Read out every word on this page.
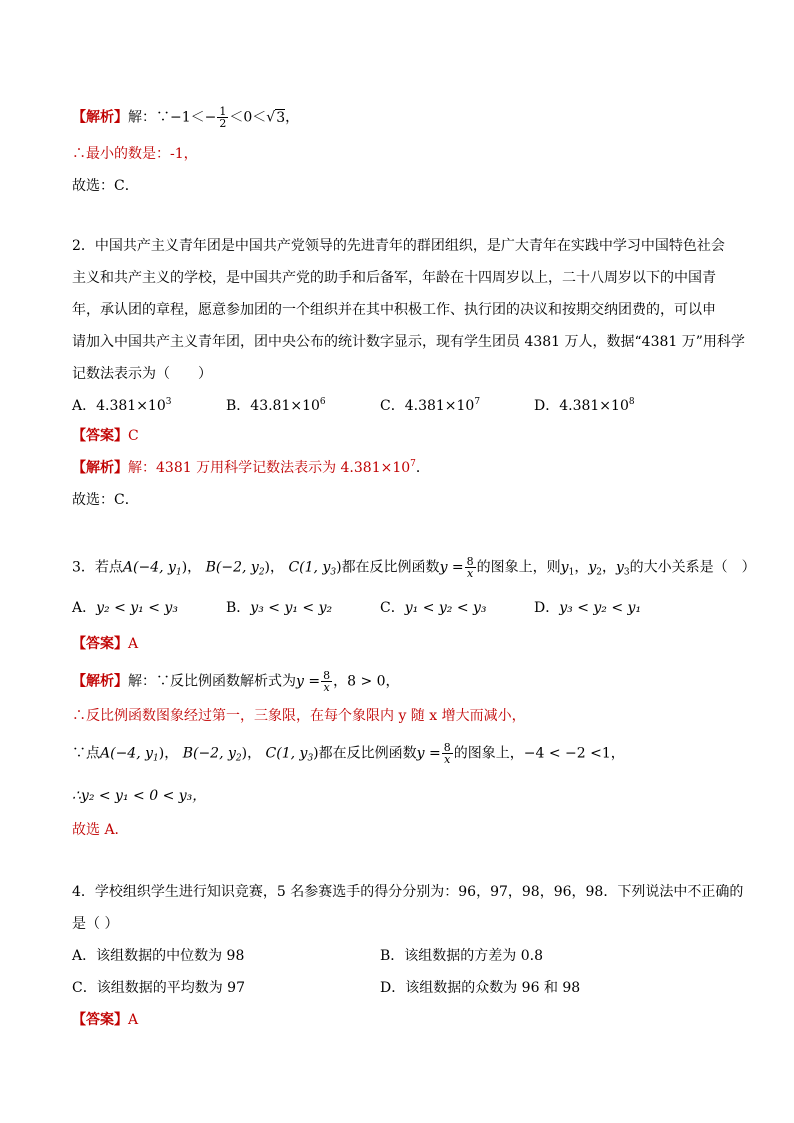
【解析】解：∵−1＜− $\frac{1}{2} <0<√3$，
∴最小的数是：-1，
故选：C．
2．中国共产主义青年团是中国共产党领导的先进青年的群团组织，是广大青年在实践中学习中国特色社会
主义和共产主义的学校，是中国共产党的助手和后备军，年龄在十四周岁以上，二十八周岁以下的中国青
年，承认团的章程，愿意参加团的一个组织并在其中积极工作、执行团的决议和按期交纳团费的，可以申
请加入中国共产主义青年团，团中央公布的统计数字显示，现有学生团员 4381 万人，数据“4381 万”用科学
记数法表示为（　　）
A．$4.381\times 10^3$	B．$43.81\times 10^6$	C．$4.381\times 10^7$	D．$4.381\times 10^8$
【答案】C
【解析】解：4381 万用科学记数法表示为 $4.381\times 10^7$．
故选：C．
3．若点A(−4, $y_1$)， B(−2, $y_2$)， C(1, $y_3$)都在反比例函数$y = \frac{8}{x}$ 的图象上，则$y_1$，$y_2$，$y_3$的大小关系是（　）
A．y₂ < y₁ < y₃	B．y₃ < y₁ < y₂	C．y₁ < y₂ < y₃	D．y₃ < y₂ < y₁
【答案】A
【解析】解：∵反比例函数解析式为$y = \frac{8}{x}$ ，8 > 0，
∴反比例函数图象经过第一，三象限，在每个象限内 y 随 x 增大而减小，
∵点A(−4, $y_1$)， B(−2, $y_2$)， C(1, $y_3$)都在反比例函数$y = \frac{8}{x}$ 的图象上，−4 < −2 <1，
∴y₂ < y₁ < 0 < y₃，
故选 A．
4．学校组织学生进行知识竞赛，5 名参赛选手的得分分别为：96，97，98，96，98．下列说法中不正确的
是（ ）
A．该组数据的中位数为 98	B．该组数据的方差为 0.8
C．该组数据的平均数为 97	D．该组数据的众数为 96 和 98
【答案】A
